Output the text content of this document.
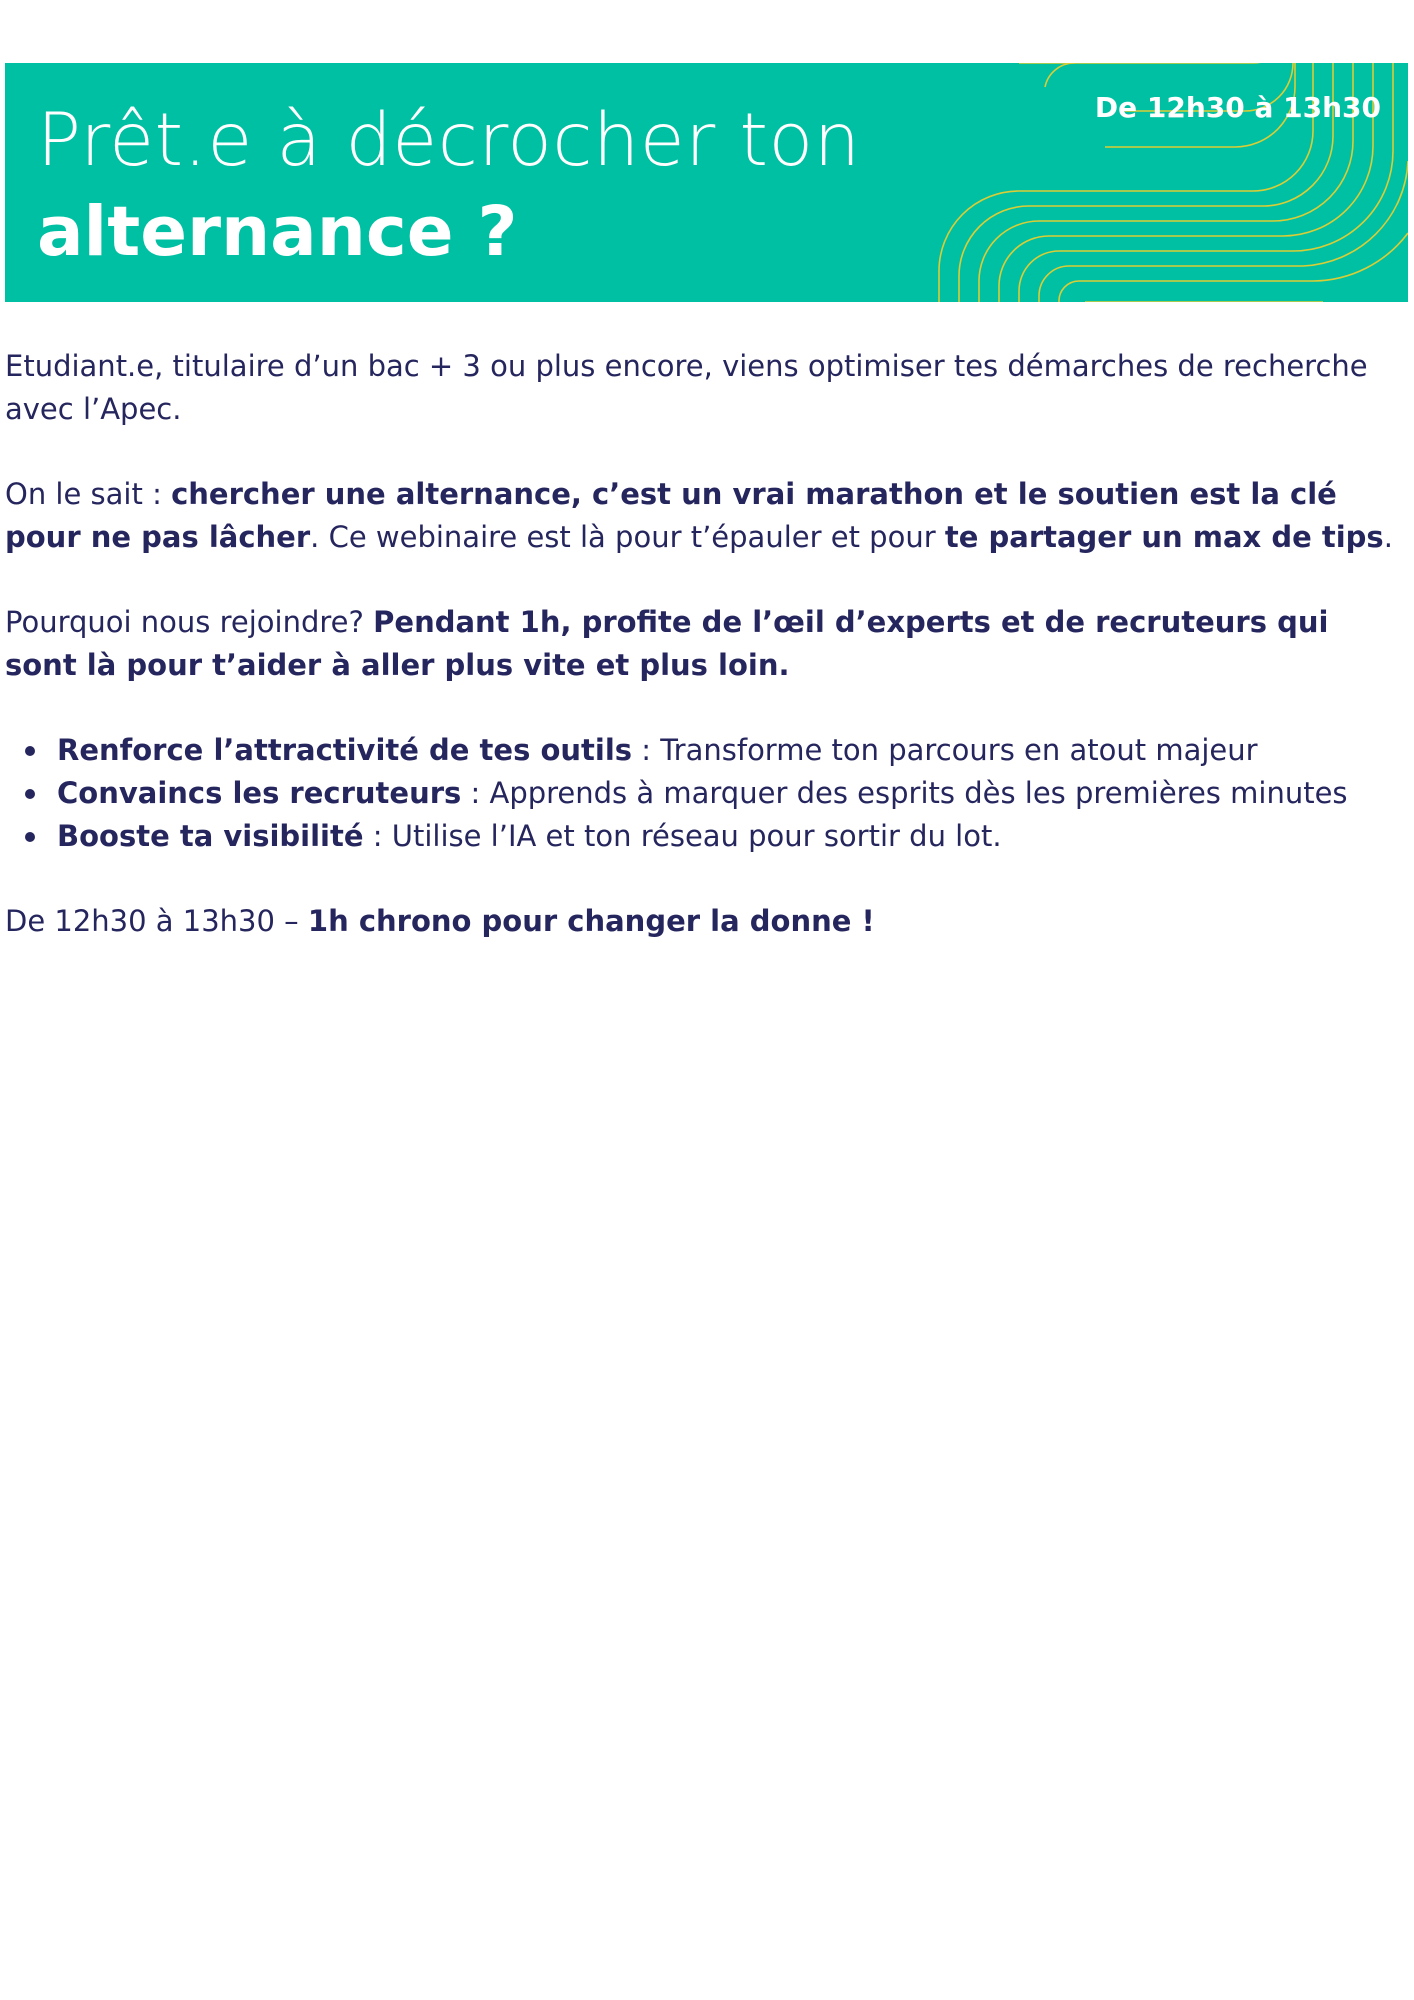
Prêt.e à décrocher ton
alternance ?
De 12h30 à 13h30

Etudiant.e, titulaire d’un bac + 3 ou plus encore, viens optimiser tes démarches de recherche avec l’Apec.

On le sait : chercher une alternance, c’est un vrai marathon et le soutien est la clé pour ne pas lâcher. Ce webinaire est là pour t’épauler et pour te partager un max de tips.

Pourquoi nous rejoindre? Pendant 1h, profite de l’œil d’experts et de recruteurs qui sont là pour t’aider à aller plus vite et plus loin.

Renforce l’attractivité de tes outils : Transforme ton parcours en atout majeur
Convaincs les recruteurs : Apprends à marquer des esprits dès les premières minutes
Booste ta visibilité : Utilise l’IA et ton réseau pour sortir du lot.

De 12h30 à 13h30 – 1h chrono pour changer la donne !
